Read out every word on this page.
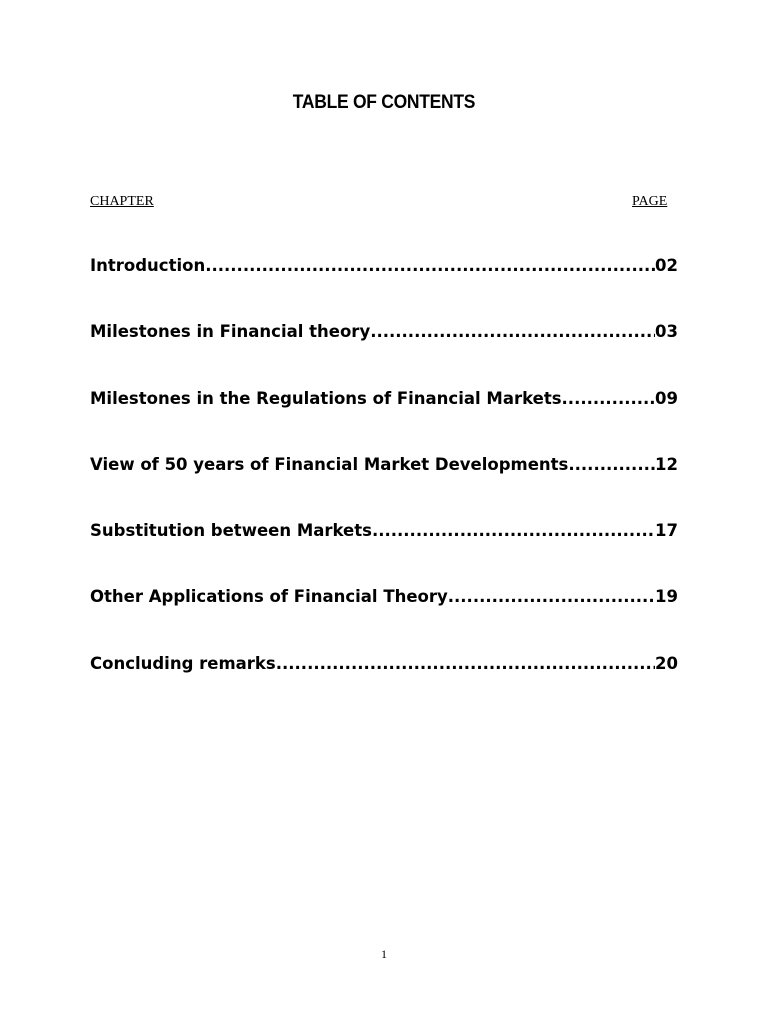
TABLE OF CONTENTS
CHAPTER	PAGE
Introduction .....	02
Milestones in Financial theory .....	03
Milestones in the Regulations of Financial Markets .....	09
View of 50 years of Financial Market Developments .....	12
Substitution between Markets .....	17
Other Applications of Financial Theory .....	19
Concluding remarks .....	20
1
